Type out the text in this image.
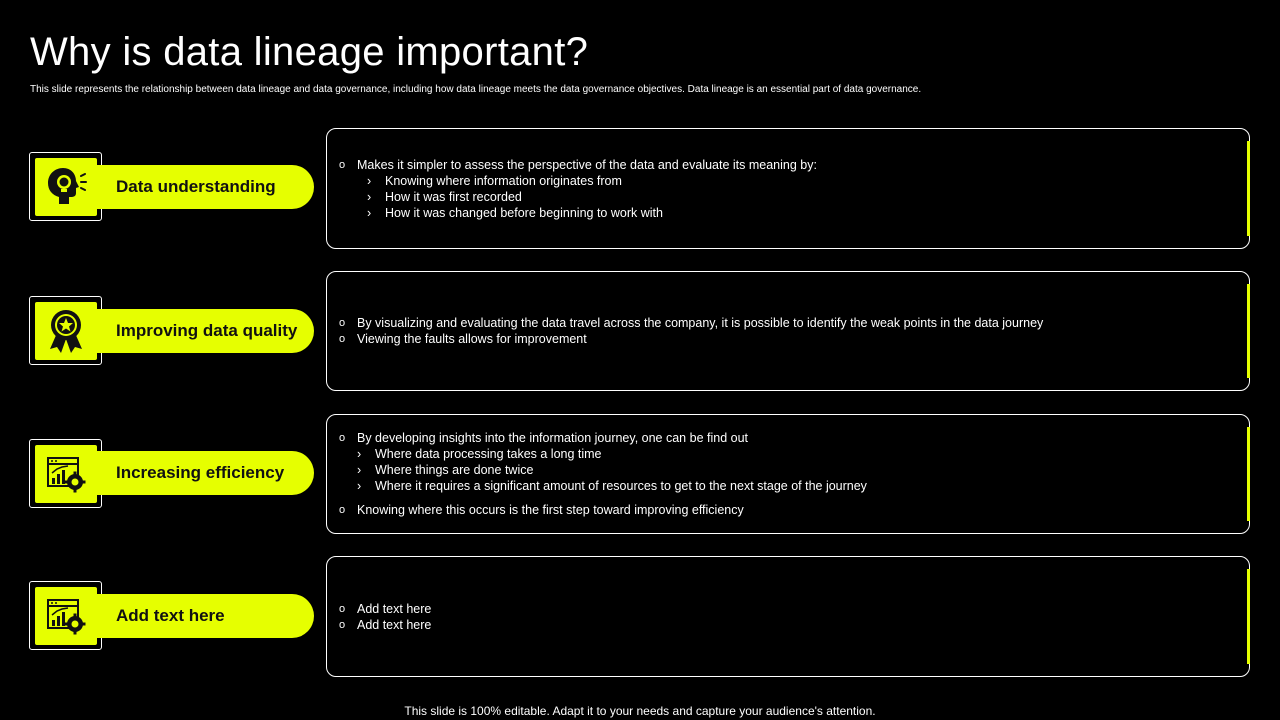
Why is data lineage important?

This slide represents the relationship between data lineage and data governance, including how data lineage meets the data governance objectives. Data lineage is an essential part of data governance.

Data understanding
o Makes it simpler to assess the perspective of the data and evaluate its meaning by:
›	Knowing where information originates from
›	How it was first recorded
›	How it was changed before beginning to work with
Improving data quality	o By visualizing and evaluating the data travel across the company, it is possible to identify the weak points in the data journey
o Viewing the faults allows for improvement
Increasing efficiency
o By developing insights into the information journey, one can be find out
›	Where data processing takes a long time
›	Where things are done twice
›	Where it requires a significant amount of resources to get to the next stage of the journey
o Knowing where this occurs is the first step toward improving efficiency
Add text here	o Add text here
o Add text here
This slide is 100% editable. Adapt it to your needs and capture your audience's attention.
